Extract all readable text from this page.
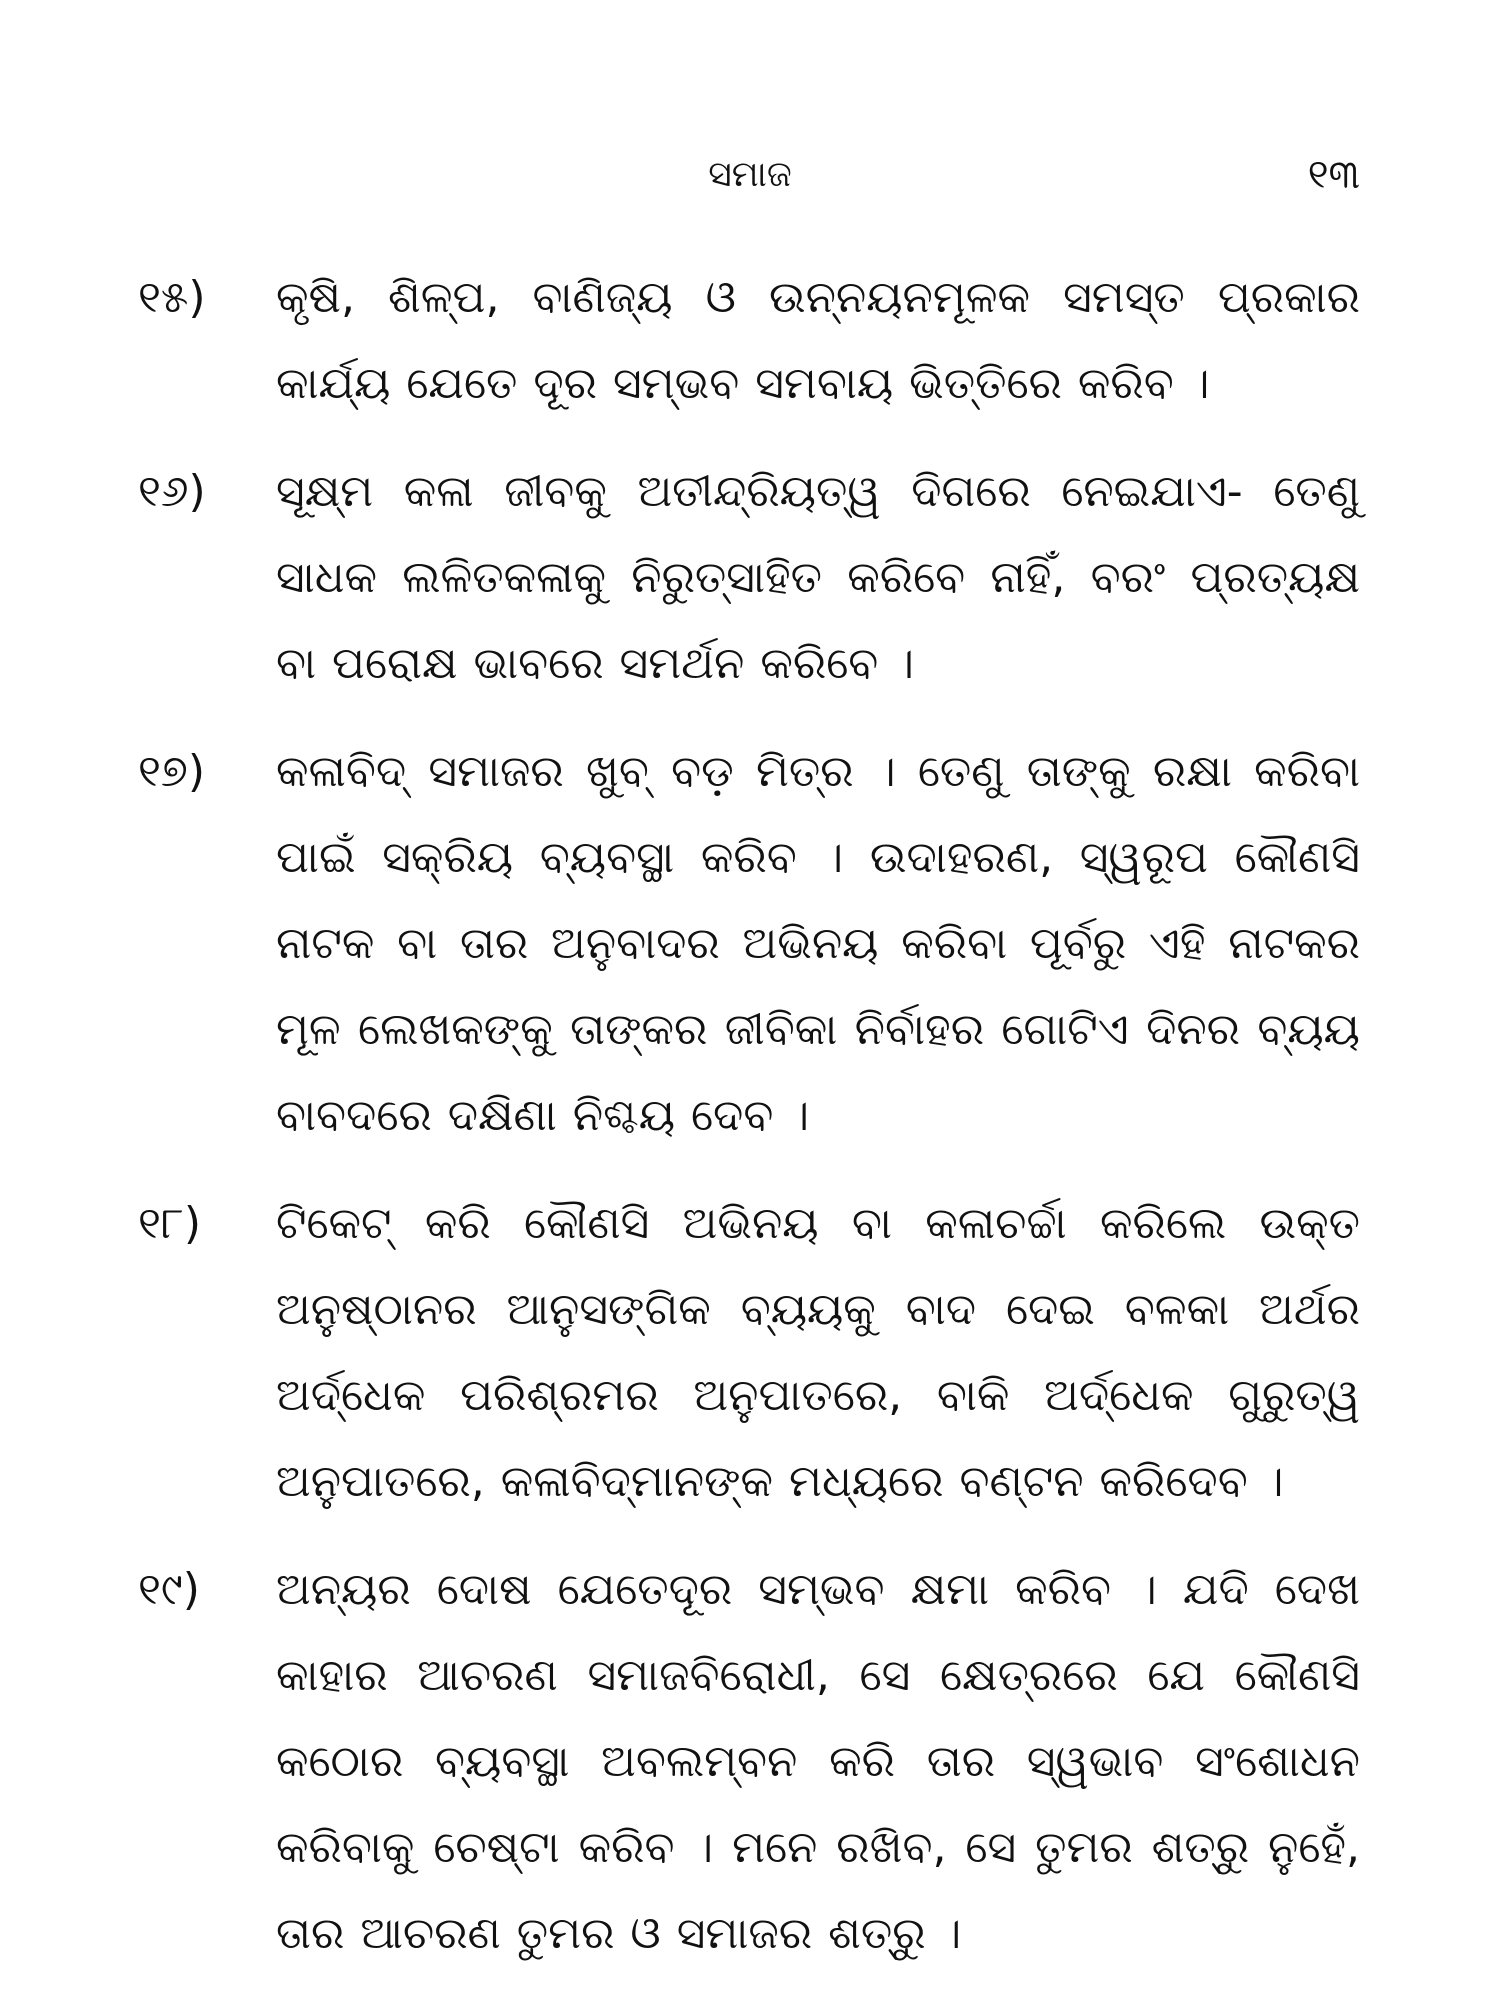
ସମାଜ	୧୩
୧୫)	କୃଷି, ଶିଳ୍ପ, ବାଣିଜ୍ୟ ଓ ଉନ୍ନୟନମୂଳକ ସମସ୍ତ ପ୍ରକାର କାର୍ଯ୍ୟ ଯେତେ ଦୂର ସମ୍ଭବ ସମବାୟ ଭିତ୍ତିରେ କରିବ ।
୧୬)	ସୂକ୍ଷ୍ମ କଳା ଜୀବକୁ ଅତୀନ୍ଦ୍ରିୟତ୍ୱ ଦିଗରେ ନେଇଯାଏ- ତେଣୁ ସାଧକ ଲଳିତକଳାକୁ ନିରୁତ୍ସାହିତ କରିବେ ନାହିଁ, ବରଂ ପ୍ରତ୍ୟକ୍ଷ ବା ପରୋକ୍ଷ ଭାବରେ ସମର୍ଥନ କରିବେ ।
୧୭)	କଳାବିଦ୍ ସମାଜର ଖୁବ୍ ବଡ଼ ମିତ୍ର । ତେଣୁ ତାଙ୍କୁ ରକ୍ଷା କରିବା ପାଇଁ ସକ୍ରିୟ ବ୍ୟବସ୍ଥା କରିବ । ଉଦାହରଣ, ସ୍ୱରୂପ କୌଣସି ନାଟକ ବା ତାର ଅନୁବାଦର ଅଭିନୟ କରିବା ପୂର୍ବରୁ ଏହି ନାଟକର ମୂଳ ଲେଖକଙ୍କୁ ତାଙ୍କର ଜୀବିକା ନିର୍ବାହର ଗୋଟିଏ ଦିନର ବ୍ୟୟ ବାବଦରେ ଦକ୍ଷିଣା ନିଶ୍ଚୟ ଦେବ ।
୧୮)	ଟିକେଟ୍ କରି କୌଣସି ଅଭିନୟ ବା କଳାଚର୍ଚ୍ଚା କରିଲେ ଉକ୍ତ ଅନୁଷ୍ଠାନର ଆନୁସଙ୍ଗିକ ବ୍ୟୟକୁ ବାଦ ଦେଇ ବଳକା ଅର୍ଥର ଅର୍ଦ୍ଧେକ ପରିଶ୍ରମର ଅନୁପାତରେ, ବାକି ଅର୍ଦ୍ଧେକ ଗୁରୁତ୍ୱ ଅନୁପାତରେ, କଳାବିଦ୍‌ମାନଙ୍କ ମଧ୍ୟରେ ବଣ୍ଟନ କରିଦେବ ।
୧୯)	ଅନ୍ୟର ଦୋଷ ଯେତେଦୂର ସମ୍ଭବ କ୍ଷମା କରିବ । ଯଦି ଦେଖ କାହାର ଆଚରଣ ସମାଜବିରୋଧୀ, ସେ କ୍ଷେତ୍ରରେ ଯେ କୌଣସି କଠୋର ବ୍ୟବସ୍ଥା ଅବଲମ୍ବନ କରି ତାର ସ୍ୱଭାବ ସଂଶୋଧନ କରିବାକୁ ଚେଷ୍ଟା କରିବ । ମନେ ରଖିବ, ସେ ତୁମର ଶତ୍ରୁ ନୁହେଁ, ତାର ଆଚରଣ ତୁମର ଓ ସମାଜର ଶତ୍ରୁ ।
